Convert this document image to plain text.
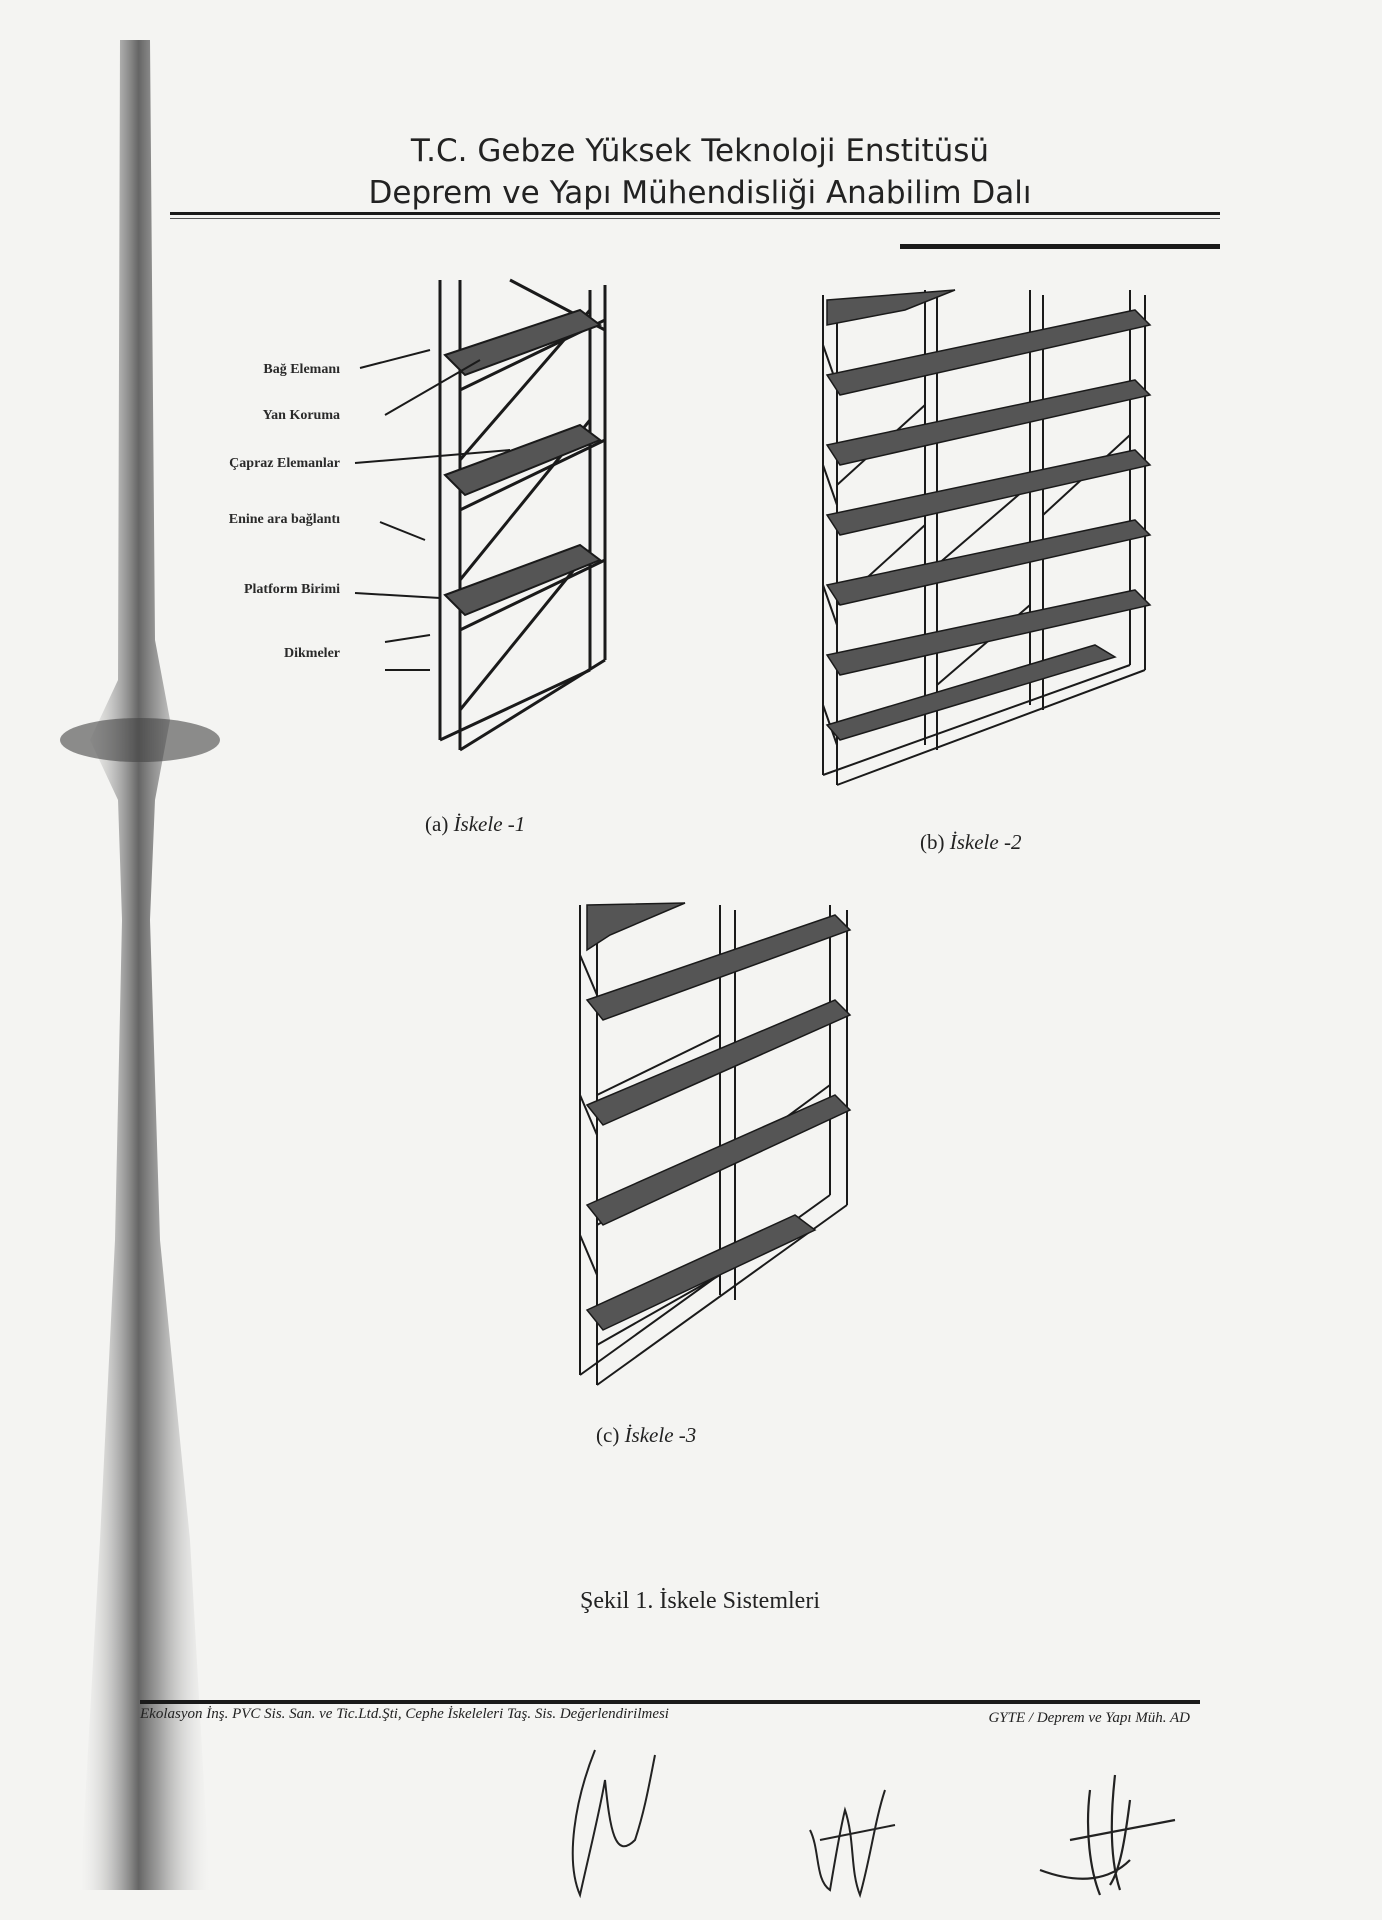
T.C. Gebze Yüksek Teknoloji Enstitüsü
Deprem ve Yapı Mühendisliği Anabilim Dalı
Bağ Elemanı
Yan Koruma
Çapraz Elemanlar
Enine ara bağlantı
Platform Birimi
Dikmeler
(a) İskele -1
(b) İskele -2
(c) İskele -3
Şekil 1. İskele Sistemleri
Ekolasyon İnş. PVC Sis. San. ve Tic.Ltd.Şti, Cephe İskeleleri Taş. Sis. Değerlendirilmesi	GYTE / Deprem ve Yapı Müh. AD
